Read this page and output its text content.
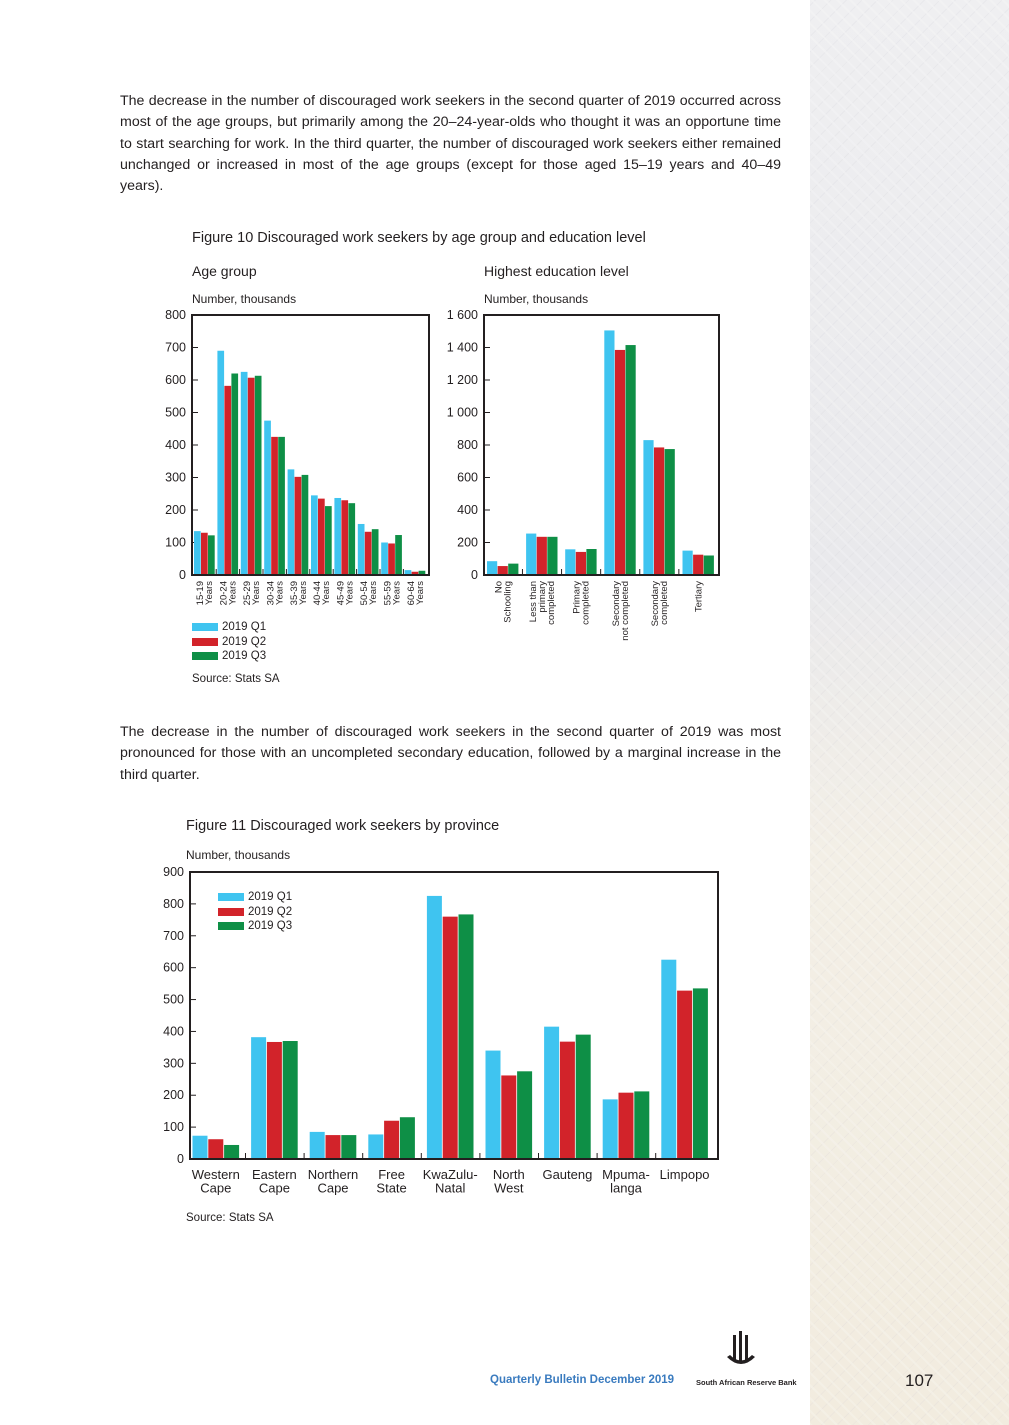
The decrease in the number of discouraged work seekers in the second quarter of 2019 occurred across most of the age groups, but primarily among the 20–24-year-olds who thought it was an opportune time to start searching for work. In the third quarter, the number of discouraged work seekers either remained unchanged or increased in most of the age groups (except for those aged 15–19 years and 40–49 years).

Figure 10 Discouraged work seekers by age group and education level

Age group

Number, thousands

Highest education level

Number, thousands

0
100
200
300
400
500
600
700
800
15-19
Years 20-24
Years 25-29
Years 30-34
Years 35-39
Years 40-44
Years 45-49
Years 50-54
Years 55-59
Years 60-64
Years
0
200
400
600
800
1 000
1 200
1 400
1 600
No
Schooling Less than
primary
completed Primary
completed Secondary
not completed Secondary
completed Tertiary
2019 Q1
2019 Q2
2019 Q3

Source: Stats SA

The decrease in the number of discouraged work seekers in the second quarter of 2019 was most pronounced for those with an uncompleted secondary education, followed by a marginal increase in the third quarter.

Figure 11 Discouraged work seekers by province

Number, thousands

0
100
200
300
400
500
600
700
800
900
Western
Cape
Eastern
Cape
Northern
Cape
Free
State
KwaZulu-
Natal
North
West
Gauteng Mpuma-
langa
Limpopo
2019 Q1
2019 Q2
2019 Q3

Source: Stats SA

Quarterly Bulletin December 2019	South African Reserve Bank	107
